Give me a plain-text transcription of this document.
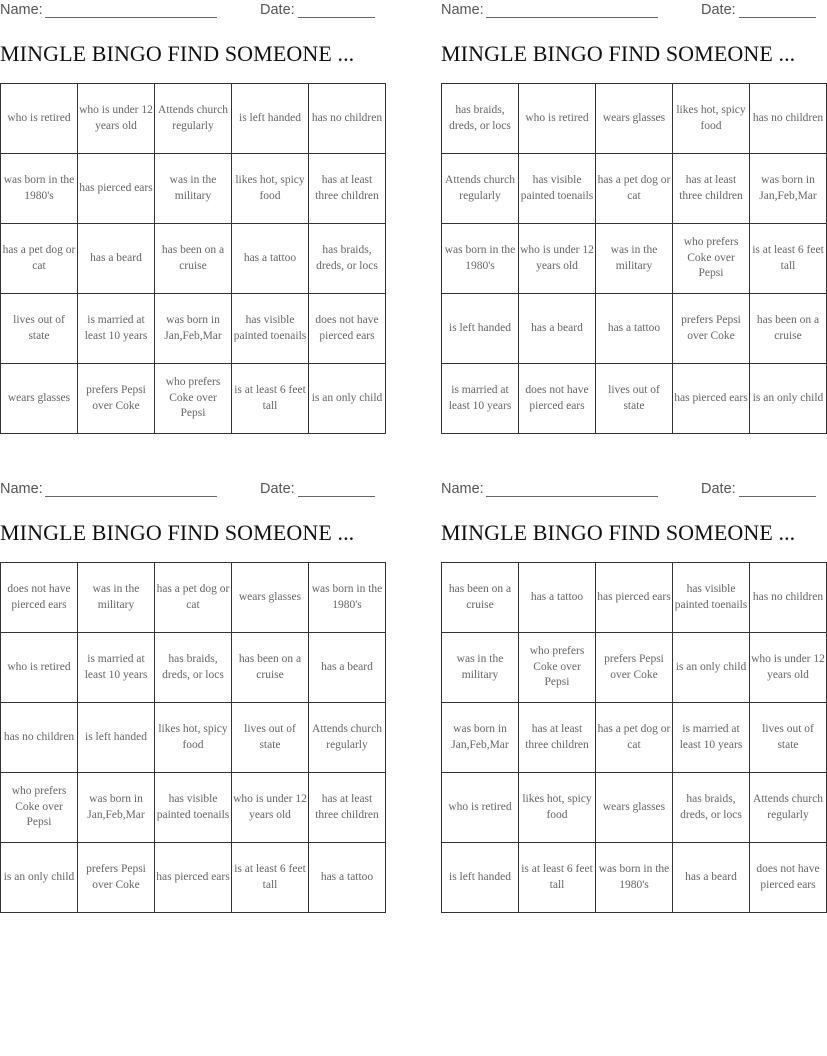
Name:	Date:
MINGLE BINGO FIND SOMEONE ...
who is retired	who is under 12 years old	Attends church regularly	is left handed	has no children
was born in the 1980's	has pierced ears	was in the military	likes hot, spicy food	has at least three children
has a pet dog or cat	has a beard	has been on a cruise	has a tattoo	has braids, dreds, or locs
lives out of state	is married at least 10 years	was born in Jan,Feb,Mar	has visible painted toenails	does not have pierced ears
wears glasses	prefers Pepsi over Coke	who prefers Coke over Pepsi	is at least 6 feet tall	is an only child
Name:	Date:
MINGLE BINGO FIND SOMEONE ...
has braids, dreds, or locs	who is retired	wears glasses	likes hot, spicy food	has no children
Attends church regularly	has visible painted toenails	has a pet dog or cat	has at least three children	was born in Jan,Feb,Mar
was born in the 1980's	who is under 12 years old	was in the military	who prefers Coke over Pepsi	is at least 6 feet tall
is left handed	has a beard	has a tattoo	prefers Pepsi over Coke	has been on a cruise
is married at least 10 years	does not have pierced ears	lives out of state	has pierced ears	is an only child
Name:	Date:
MINGLE BINGO FIND SOMEONE ...
does not have pierced ears	was in the military	has a pet dog or cat	wears glasses	was born in the 1980's
who is retired	is married at least 10 years	has braids, dreds, or locs	has been on a cruise	has a beard
has no children	is left handed	likes hot, spicy food	lives out of state	Attends church regularly
who prefers Coke over Pepsi	was born in Jan,Feb,Mar	has visible painted toenails	who is under 12 years old	has at least three children
is an only child	prefers Pepsi over Coke	has pierced ears	is at least 6 feet tall	has a tattoo
Name:	Date:
MINGLE BINGO FIND SOMEONE ...
has been on a cruise	has a tattoo	has pierced ears	has visible painted toenails	has no children
was in the military	who prefers Coke over Pepsi	prefers Pepsi over Coke	is an only child	who is under 12 years old
was born in Jan,Feb,Mar	has at least three children	has a pet dog or cat	is married at least 10 years	lives out of state
who is retired	likes hot, spicy food	wears glasses	has braids, dreds, or locs	Attends church regularly
is left handed	is at least 6 feet tall	was born in the 1980's	has a beard	does not have pierced ears
